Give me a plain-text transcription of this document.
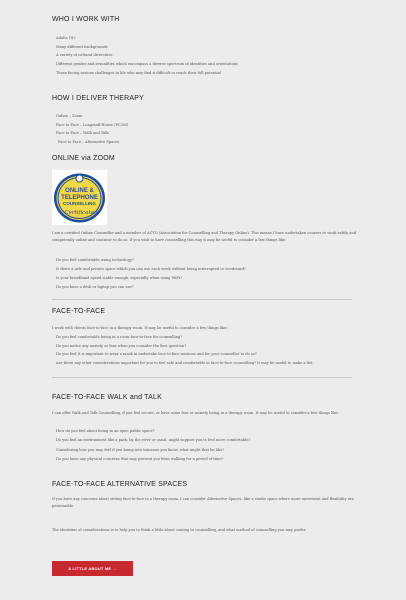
WHO I WORK WITH
Adults 18+
Many different backgrounds
A variety of cultural diversities
Different gender and sexualities which encompass a diverse spectrum of identities and orientations
Those facing various challenges in life who may find it difficult to reach their full potential
HOW I DELIVER THERAPY
Online – Zoom
Face to Face – Longstaff House (FC2M)
Face to Face – Walk and Talk
Face to Face – Alternative Spaces
ONLINE via ZOOM
ONLINE &
TELEPHONE
COUNSELLING
Certificated
I am a certified Online Counsellor and a member of ACTO (Association for Counselling and Therapy Online). This means I have undertaken courses to work safely and competently online and continue to do so. If you wish to have counselling this way it may be useful to consider a few things like:
Do you feel comfortable using technology?
Is there a safe and private space which you can use each week without being interrupted or overheard?
Is your broadband speed stable enough, especially when using WiFi?
Do you have a desk or laptop you can use?
FACE-TO-FACE
I work with clients face-to-face in a therapy room. It may be useful to consider a few things like:
Do you feel comfortable being in a room face-to-face for counselling?
Do you notice any anxiety or fear when you consider the first question?
Do you feel it is important to wear a mask in undertake face-to-face sessions and for your counsellor to do so?
Are there any other considerations important for you to feel safe and comfortable in face-to-face counselling? It may be useful to make a list.
FACE-TO-FACE WALK and TALK
I can offer Walk and Talk Counselling, if you feel secure, or have some fear or anxiety being in a therapy room. It may be useful to consider a few things like:
How do you feel about being in an open public space?
Do you feel an environment like a park, by the river or canal, might support you to feel more comfortable?
Considering how you may feel if you bump into someone you know, what might that be like?
Do you have any physical concerns that may prevent you from walking for a period of time?
FACE-TO-FACE ALTERNATIVE SPACES
If you have any concerns about sitting face-to-face in a therapy room, I can consider Alternative Spaces, like a studio space where more movement and flexibility are permissible.
The identities of considerations is to help you to think a little about coming to counselling, and what method of counselling you may prefer.
A LITTLE ABOUT ME →
